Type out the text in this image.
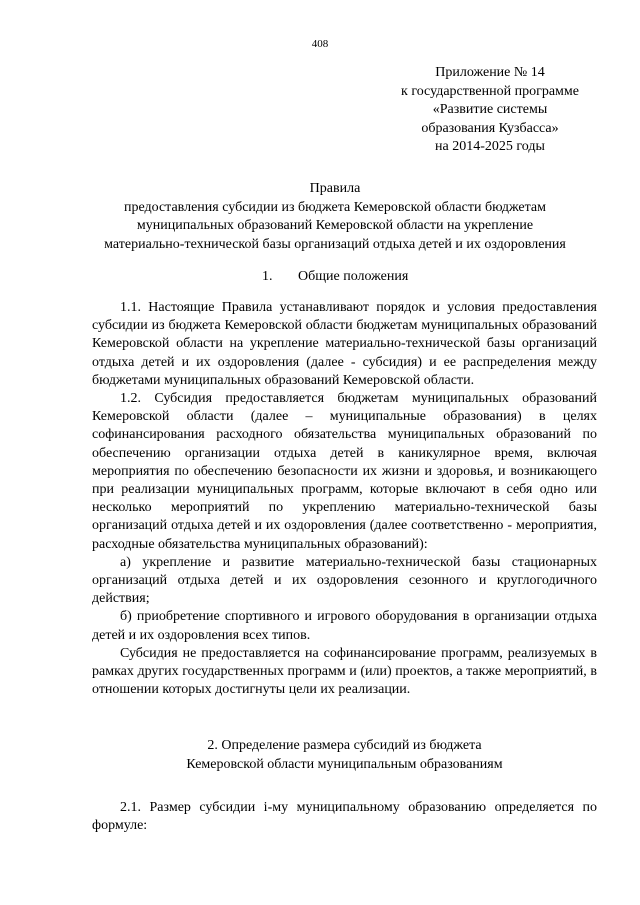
408
Приложение № 14
к государственной программе
«Развитие системы
образования Кузбасса»
на 2014-2025 годы
Правила
предоставления субсидии из бюджета Кемеровской области бюджетам
муниципальных образований Кемеровской области на укрепление
материально-технической базы организаций отдыха детей и их оздоровления
1. Общие положения

1.1. Настоящие Правила устанавливают порядок и условия предоставления субсидии из бюджета Кемеровской области бюджетам муниципальных образований Кемеровской области на укрепление материально-технической базы организаций отдыха детей и их оздоровления (далее - субсидия) и ее распределения между бюджетами муниципальных образований Кемеровской области.

1.2. Субсидия предоставляется бюджетам муниципальных образований Кемеровской области (далее – муниципальные образования) в целях софинансирования расходного обязательства муниципальных образований по обеспечению организации отдыха детей в каникулярное время, включая мероприятия по обеспечению безопасности их жизни и здоровья, и возникающего при реализации муниципальных программ, которые включают в себя одно или несколько мероприятий по укреплению материально-технической базы организаций отдыха детей и их оздоровления (далее соответственно - мероприятия, расходные обязательства муниципальных образований):

а) укрепление и развитие материально-технической базы стационарных организаций отдыха детей и их оздоровления сезонного и круглогодичного действия;

б) приобретение спортивного и игрового оборудования в организации отдыха детей и их оздоровления всех типов.

Субсидия не предоставляется на софинансирование программ, реализуемых в рамках других государственных программ и (или) проектов, а также мероприятий, в отношении которых достигнуты цели их реализации.

2. Определение размера субсидий из бюджета
Кемеровской области муниципальным образованиям

2.1. Размер субсидии i-му муниципальному образованию определяется по формуле:
